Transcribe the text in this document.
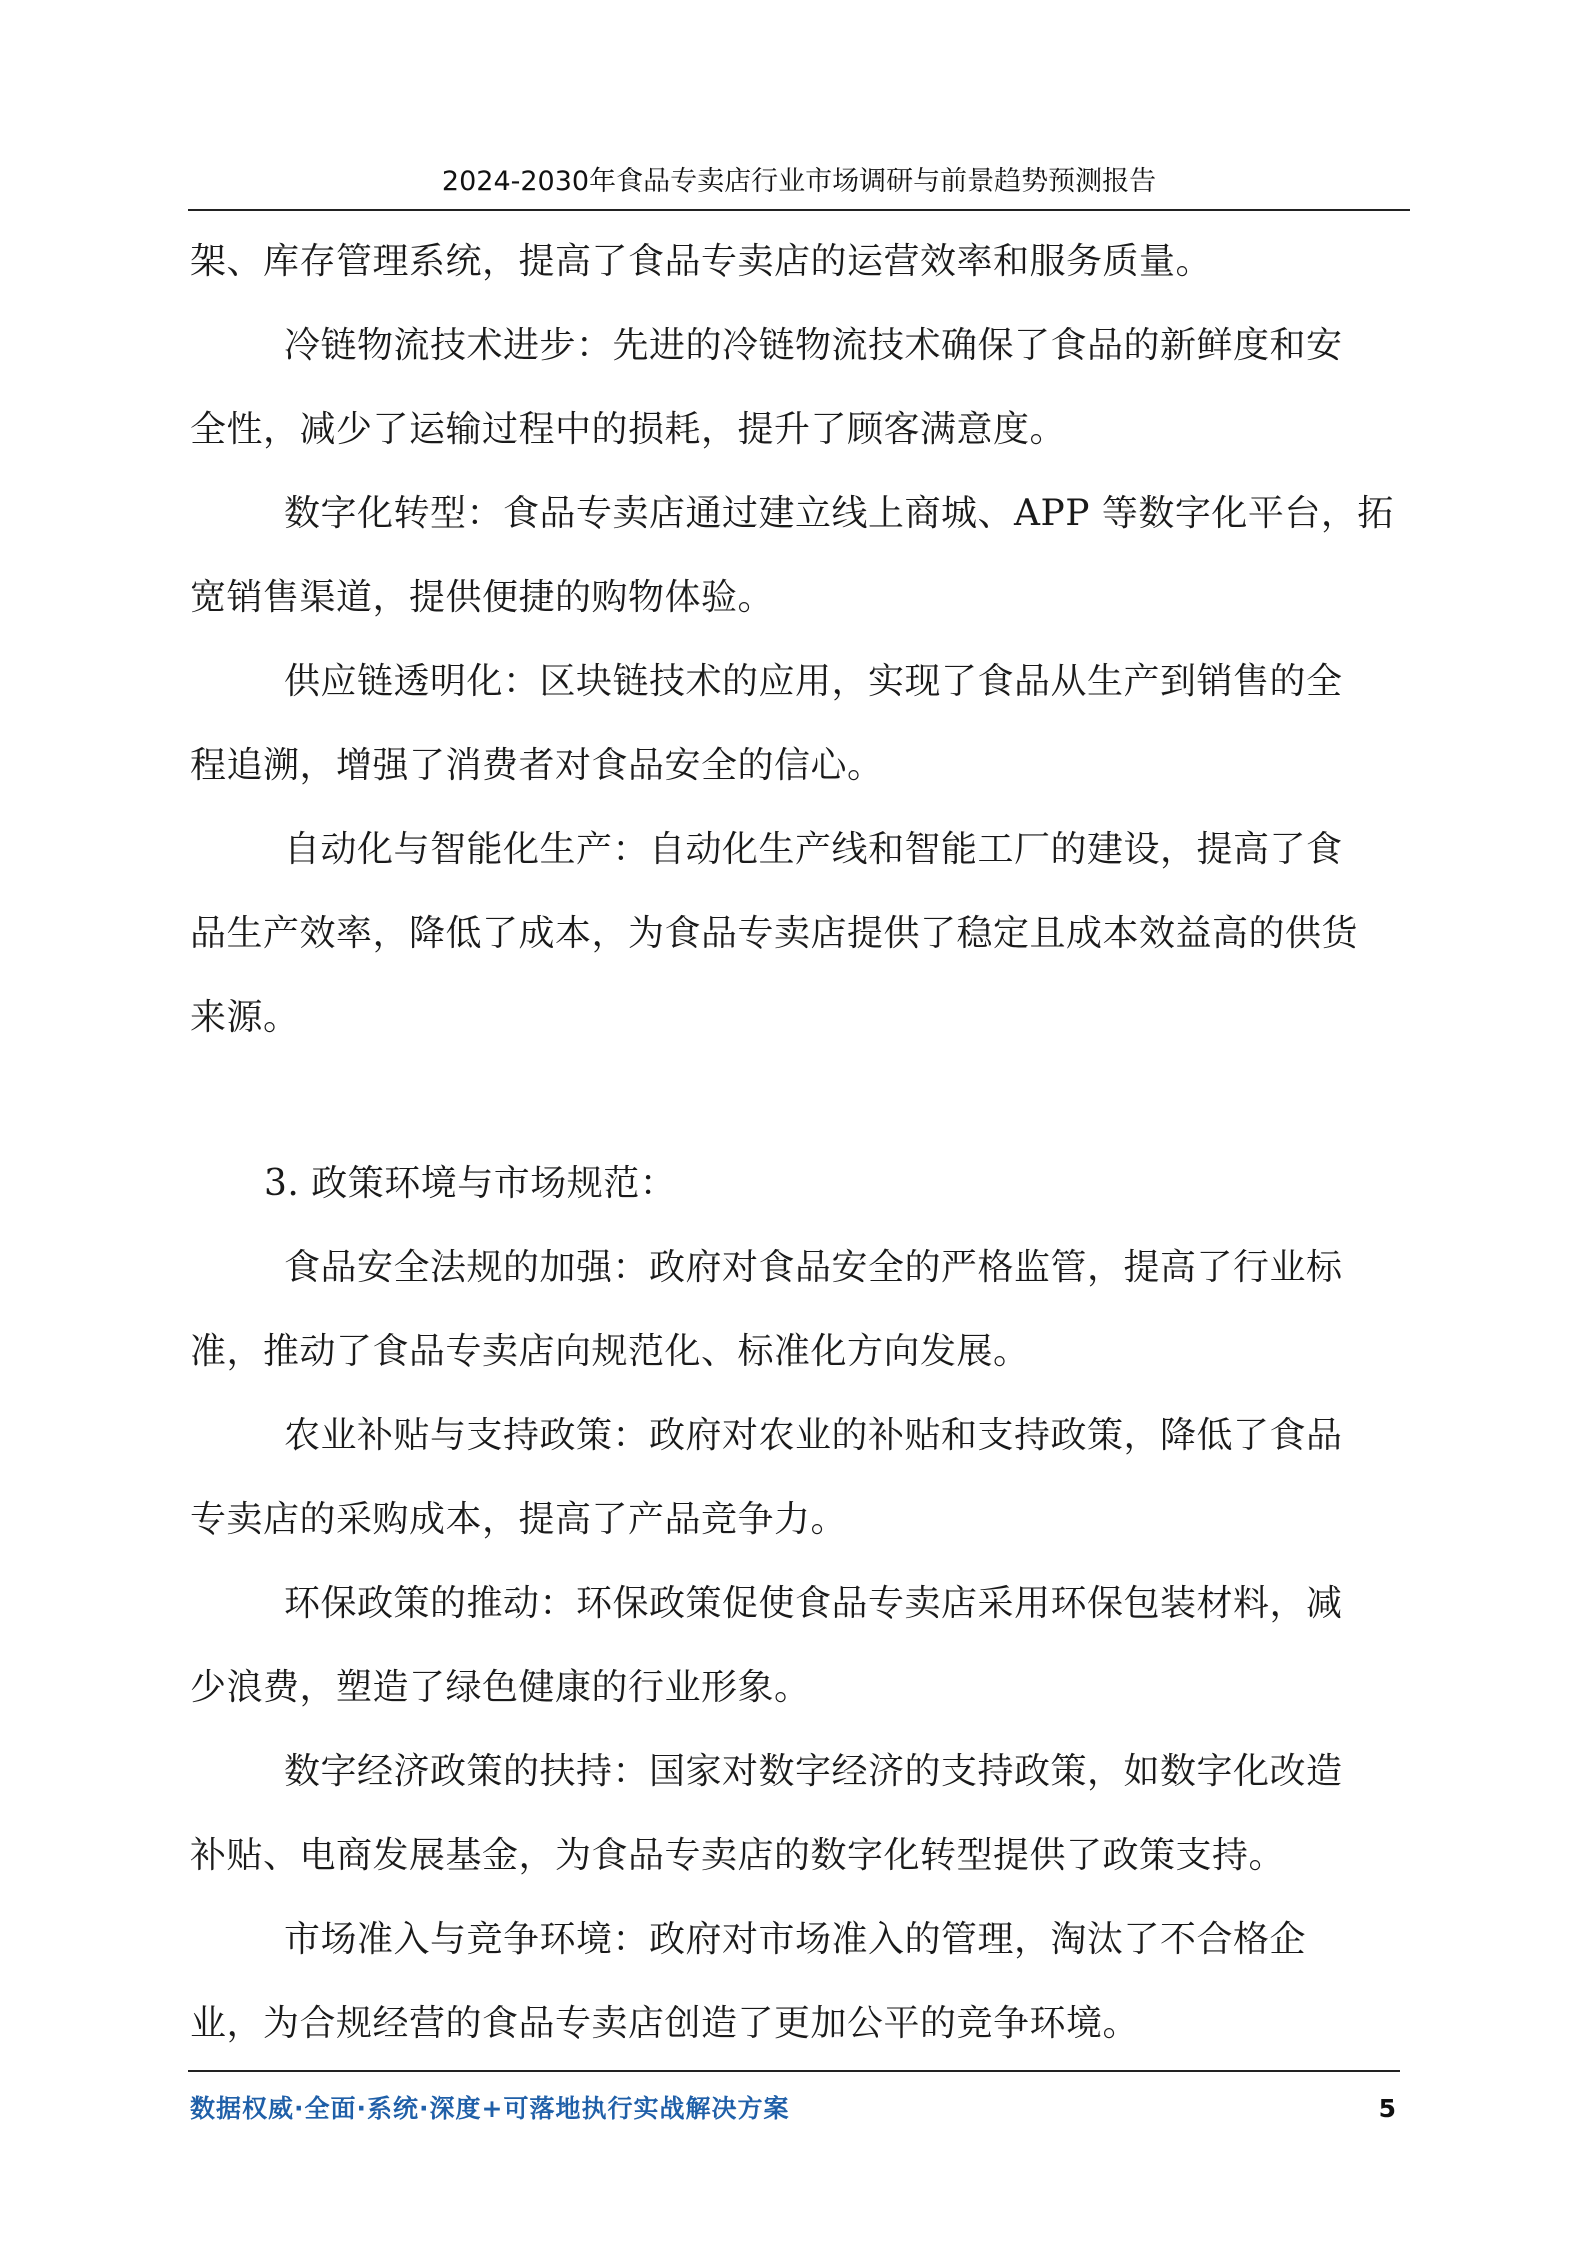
2024-2030年食品专卖店行业市场调研与前景趋势预测报告
架、库存管理系统，提高了食品专卖店的运营效率和服务质量。
冷链物流技术进步：先进的冷链物流技术确保了食品的新鲜度和安
全性，减少了运输过程中的损耗，提升了顾客满意度。
数字化转型：食品专卖店通过建立线上商城、APP 等数字化平台，拓
宽销售渠道，提供便捷的购物体验。
供应链透明化：区块链技术的应用，实现了食品从生产到销售的全
程追溯，增强了消费者对食品安全的信心。
自动化与智能化生产：自动化生产线和智能工厂的建设，提高了食
品生产效率，降低了成本，为食品专卖店提供了稳定且成本效益高的供货
来源。
3. 政策环境与市场规范：
食品安全法规的加强：政府对食品安全的严格监管，提高了行业标
准，推动了食品专卖店向规范化、标准化方向发展。
农业补贴与支持政策：政府对农业的补贴和支持政策，降低了食品
专卖店的采购成本，提高了产品竞争力。
环保政策的推动：环保政策促使食品专卖店采用环保包装材料，减
少浪费，塑造了绿色健康的行业形象。
数字经济政策的扶持：国家对数字经济的支持政策，如数字化改造
补贴、电商发展基金，为食品专卖店的数字化转型提供了政策支持。
市场准入与竞争环境：政府对市场准入的管理，淘汰了不合格企
业，为合规经营的食品专卖店创造了更加公平的竞争环境。
数据权威·全面·系统·深度+可落地执行实战解决方案	5
